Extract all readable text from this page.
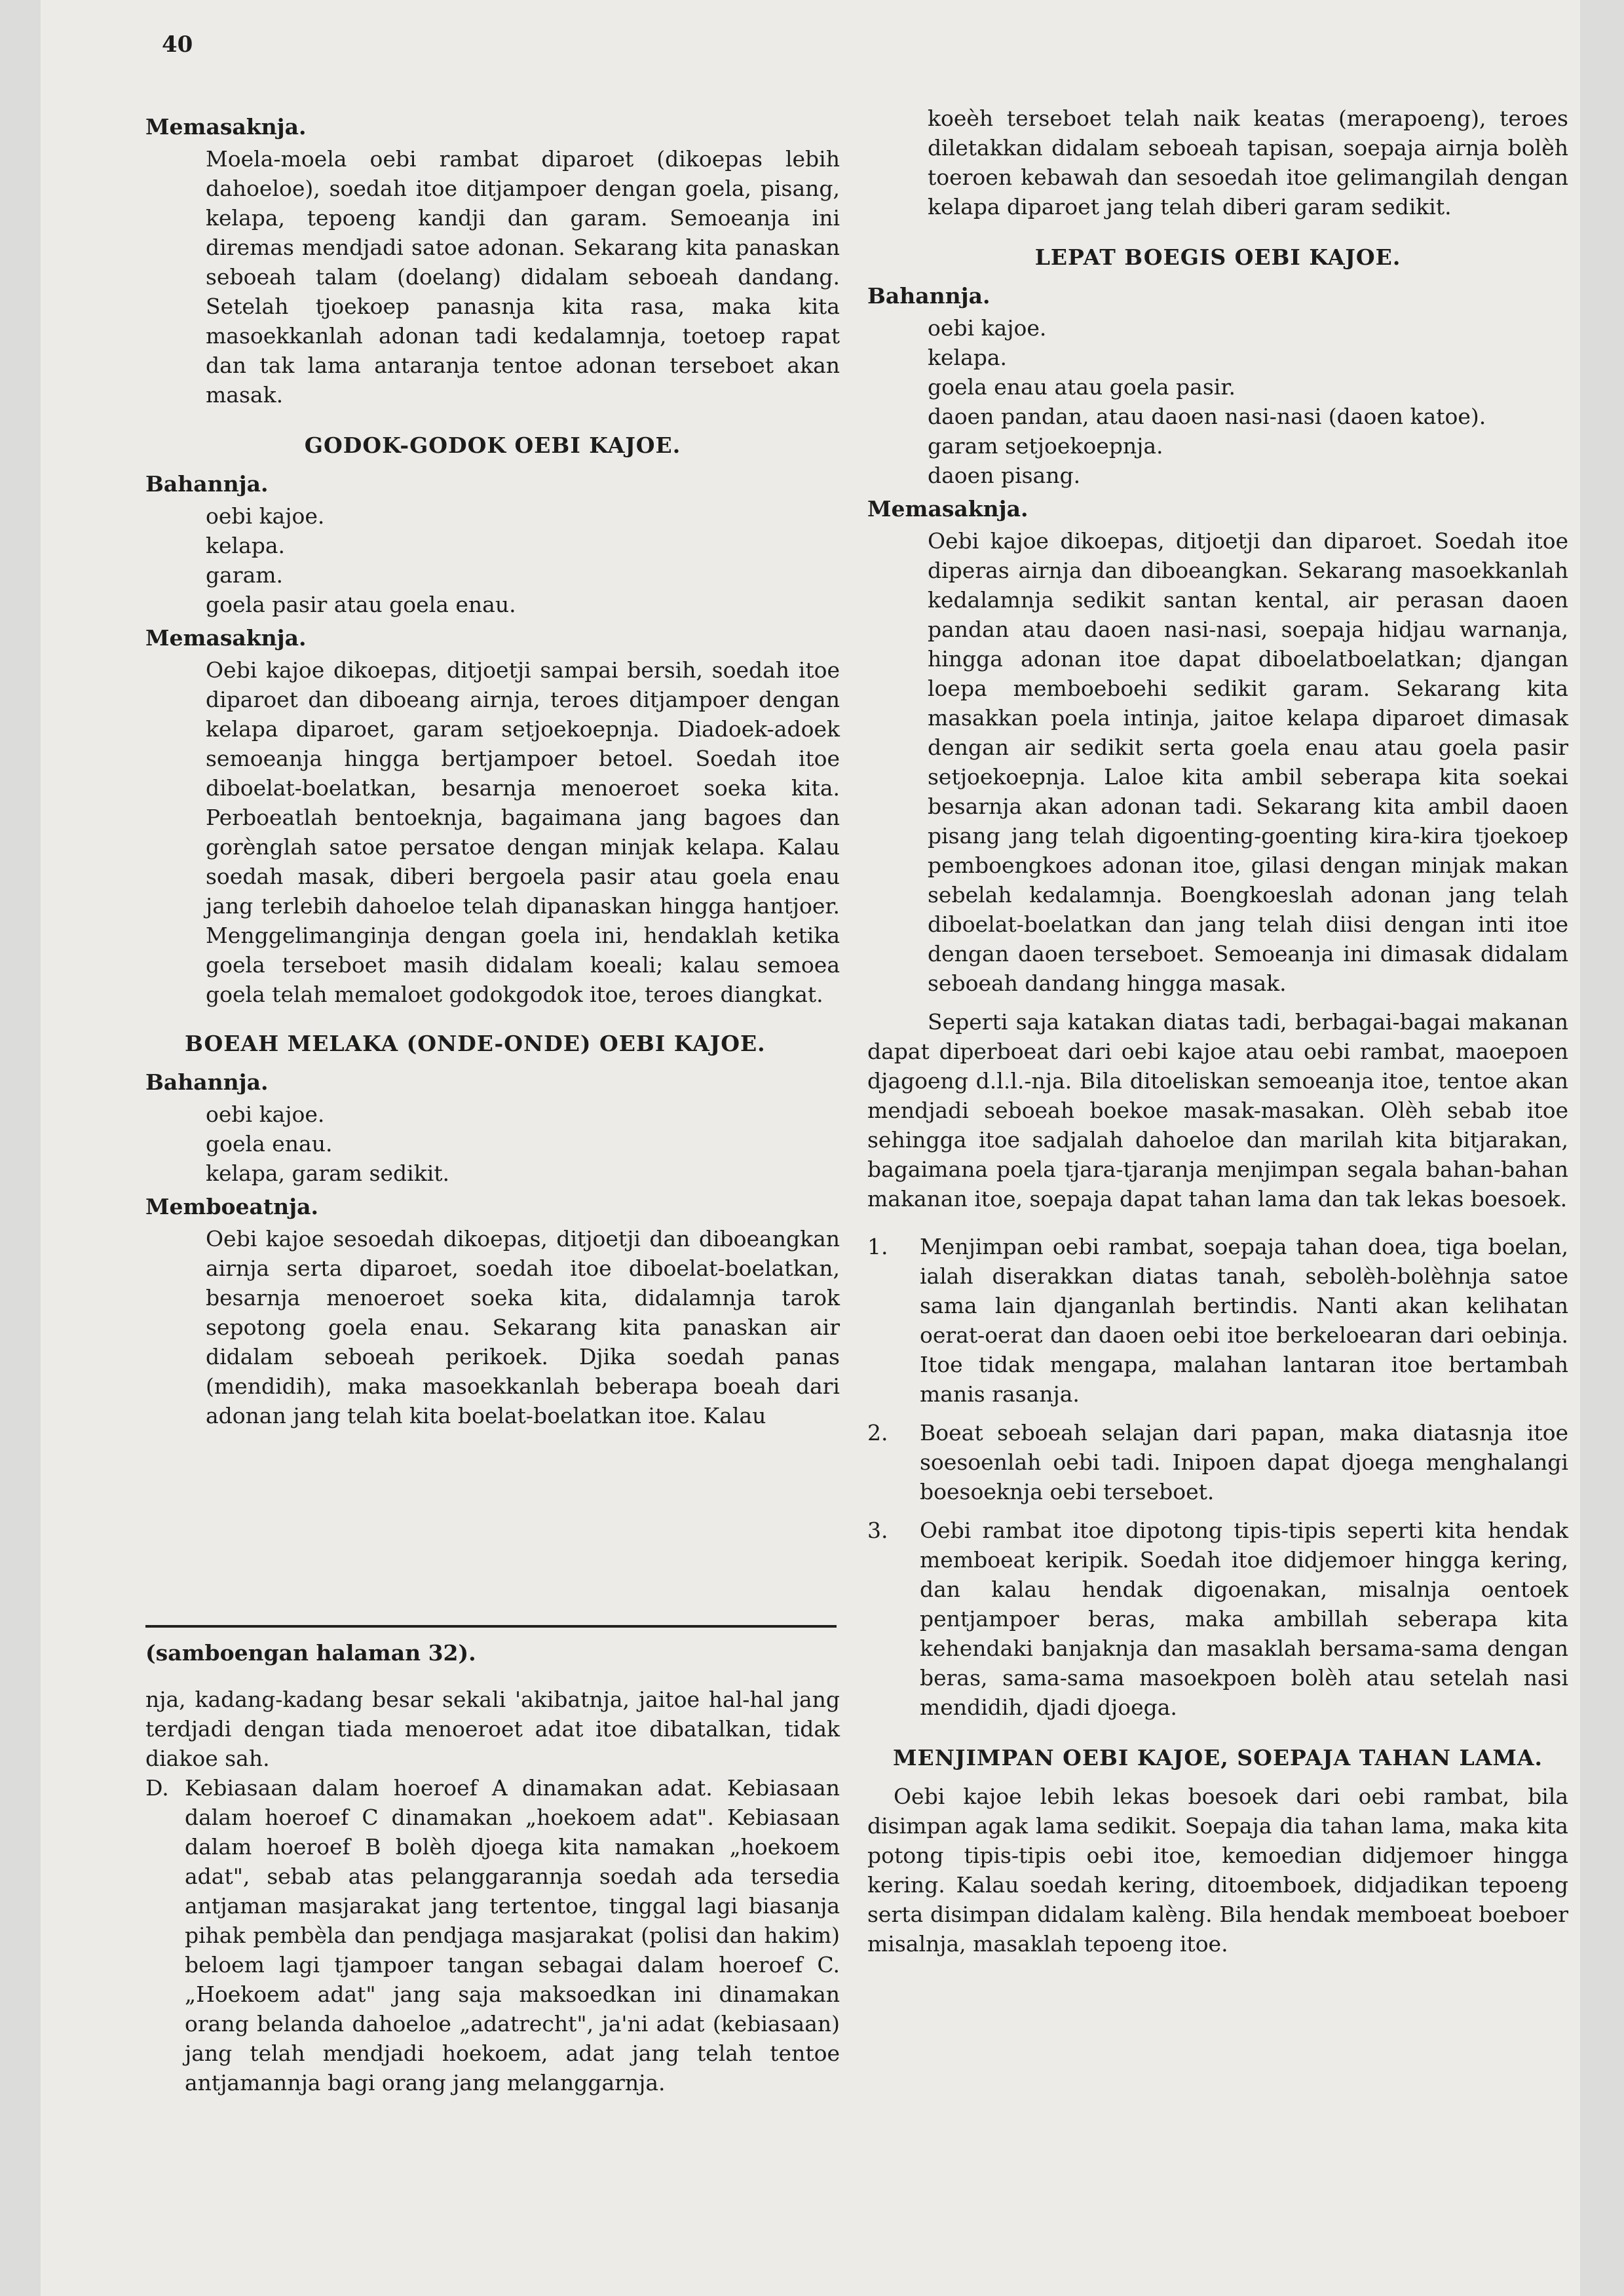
40

Memasaknja.

Moela-moela oebi rambat diparoet (dikoepas lebih dahoeloe), soedah itoe ditjampoer dengan goela, pisang, kelapa, tepoeng kandji dan garam. Semoeanja ini diremas mendjadi satoe adonan. Sekarang kita panaskan seboeah talam (doelang) didalam seboeah dandang. Setelah tjoekoep panasnja kita rasa, maka kita masoekkanlah adonan tadi kedalamnja, toetoep rapat dan tak lama antaranja tentoe adonan terseboet akan masak.

GODOK-GODOK OEBI KAJOE.

Bahannja.

oebi kajoe.

kelapa.

garam.

goela pasir atau goela enau.

Memasaknja.

Oebi kajoe dikoepas, ditjoetji sampai bersih, soedah itoe diparoet dan diboeang airnja, teroes ditjampoer dengan kelapa diparoet, garam setjoekoepnja. Diadoek-adoek semoeanja hingga bertjampoer betoel. Soedah itoe diboelat-boelatkan, besarnja menoeroet soeka kita. Perboeatlah bentoeknja, bagaimana jang bagoes dan gorènglah satoe persatoe dengan minjak kelapa. Kalau soedah masak, diberi bergoela pasir atau goela enau jang terlebih dahoeloe telah dipanaskan hingga hantjoer. Menggelimanginja dengan goela ini, hendaklah ketika goela terseboet masih didalam koeali; kalau semoea goela telah memaloet godokgodok itoe, teroes diangkat.

BOEAH MELAKA (ONDE-ONDE) OEBI KAJOE.

Bahannja.

oebi kajoe.

goela enau.

kelapa, garam sedikit.

Memboeatnja.

Oebi kajoe sesoedah dikoepas, ditjoetji dan diboeangkan airnja serta diparoet, soedah itoe diboelat-boelatkan, besarnja menoeroet soeka kita, didalamnja tarok sepotong goela enau. Sekarang kita panaskan air didalam seboeah perikoek. Djika soedah panas (mendidih), maka masoekkanlah beberapa boeah dari adonan jang telah kita boelat-boelatkan itoe. Kalau

(samboengan halaman 32).

nja, kadang-kadang besar sekali 'akibatnja, jaitoe hal-hal jang terdjadi dengan tiada menoeroet adat itoe dibatalkan, tidak diakoe sah.

D. Kebiasaan dalam hoeroef A dinamakan adat. Kebiasaan dalam hoeroef C dinamakan „hoekoem adat". Kebiasaan dalam hoeroef B bolèh djoega kita namakan „hoekoem adat", sebab atas pelanggarannja soedah ada tersedia antjaman masjarakat jang tertentoe, tinggal lagi biasanja pihak pembèla dan pendjaga masjarakat (polisi dan hakim) beloem lagi tjampoer tangan sebagai dalam hoeroef C. „Hoekoem adat" jang saja maksoedkan ini dinamakan orang belanda dahoeloe „adatrecht", ja'ni adat (kebiasaan) jang telah mendjadi hoekoem, adat jang telah tentoe antjamannja bagi orang jang melanggarnja.

koeèh terseboet telah naik keatas (merapoeng), teroes diletakkan didalam seboeah tapisan, soepaja airnja bolèh toeroen kebawah dan sesoedah itoe gelimangilah dengan kelapa diparoet jang telah diberi garam sedikit.

LEPAT BOEGIS OEBI KAJOE.

Bahannja.

oebi kajoe.

kelapa.

goela enau atau goela pasir.

daoen pandan, atau daoen nasi-nasi (daoen katoe).

garam setjoekoepnja.

daoen pisang.

Memasaknja.

Oebi kajoe dikoepas, ditjoetji dan diparoet. Soedah itoe diperas airnja dan diboeangkan. Sekarang masoekkanlah kedalamnja sedikit santan kental, air perasan daoen pandan atau daoen nasi-nasi, soepaja hidjau warnanja, hingga adonan itoe dapat diboelatboelatkan; djangan loepa memboeboehi sedikit garam. Sekarang kita masakkan poela intinja, jaitoe kelapa diparoet dimasak dengan air sedikit serta goela enau atau goela pasir setjoekoepnja. Laloe kita ambil seberapa kita soekai besarnja akan adonan tadi. Sekarang kita ambil daoen pisang jang telah digoenting-goenting kira-kira tjoekoep pemboengkoes adonan itoe, gilasi dengan minjak makan sebelah kedalamnja. Boengkoeslah adonan jang telah diboelat-boelatkan dan jang telah diisi dengan inti itoe dengan daoen terseboet. Semoeanja ini dimasak didalam seboeah dandang hingga masak.

Seperti saja katakan diatas tadi, berbagai-bagai makanan dapat diperboeat dari oebi kajoe atau oebi rambat, maoepoen djagoeng d.l.l.-nja. Bila ditoeliskan semoeanja itoe, tentoe akan mendjadi seboeah boekoe masak-masakan. Olèh sebab itoe sehingga itoe sadjalah dahoeloe dan marilah kita bitjarakan, bagaimana poela tjara-tjaranja menjimpan segala bahan-bahan makanan itoe, soepaja dapat tahan lama dan tak lekas boesoek.

1.	Menjimpan oebi rambat, soepaja tahan doea, tiga boelan, ialah diserakkan diatas tanah, sebolèh-bolèhnja satoe sama lain djanganlah bertindis. Nanti akan kelihatan oerat-oerat dan daoen oebi itoe berkeloearan dari oebinja. Itoe tidak mengapa, malahan lantaran itoe bertambah manis rasanja.
2.	Boeat seboeah selajan dari papan, maka diatasnja itoe soesoenlah oebi tadi. Inipoen dapat djoega menghalangi boesoeknja oebi terseboet.
3.	Oebi rambat itoe dipotong tipis-tipis seperti kita hendak memboeat keripik. Soedah itoe didjemoer hingga kering, dan kalau hendak digoenakan, misalnja oentoek pentjampoer beras, maka ambillah seberapa kita kehendaki banjaknja dan masaklah bersama-sama dengan beras, sama-sama masoekpoen bolèh atau setelah nasi mendidih, djadi djoega.

MENJIMPAN OEBI KAJOE, SOEPAJA TAHAN LAMA.

Oebi kajoe lebih lekas boesoek dari oebi rambat, bila disimpan agak lama sedikit. Soepaja dia tahan lama, maka kita potong tipis-tipis oebi itoe, kemoedian didjemoer hingga kering. Kalau soedah kering, ditoemboek, didjadikan tepoeng serta disimpan didalam kalèng. Bila hendak memboeat boeboer misalnja, masaklah tepoeng itoe.
